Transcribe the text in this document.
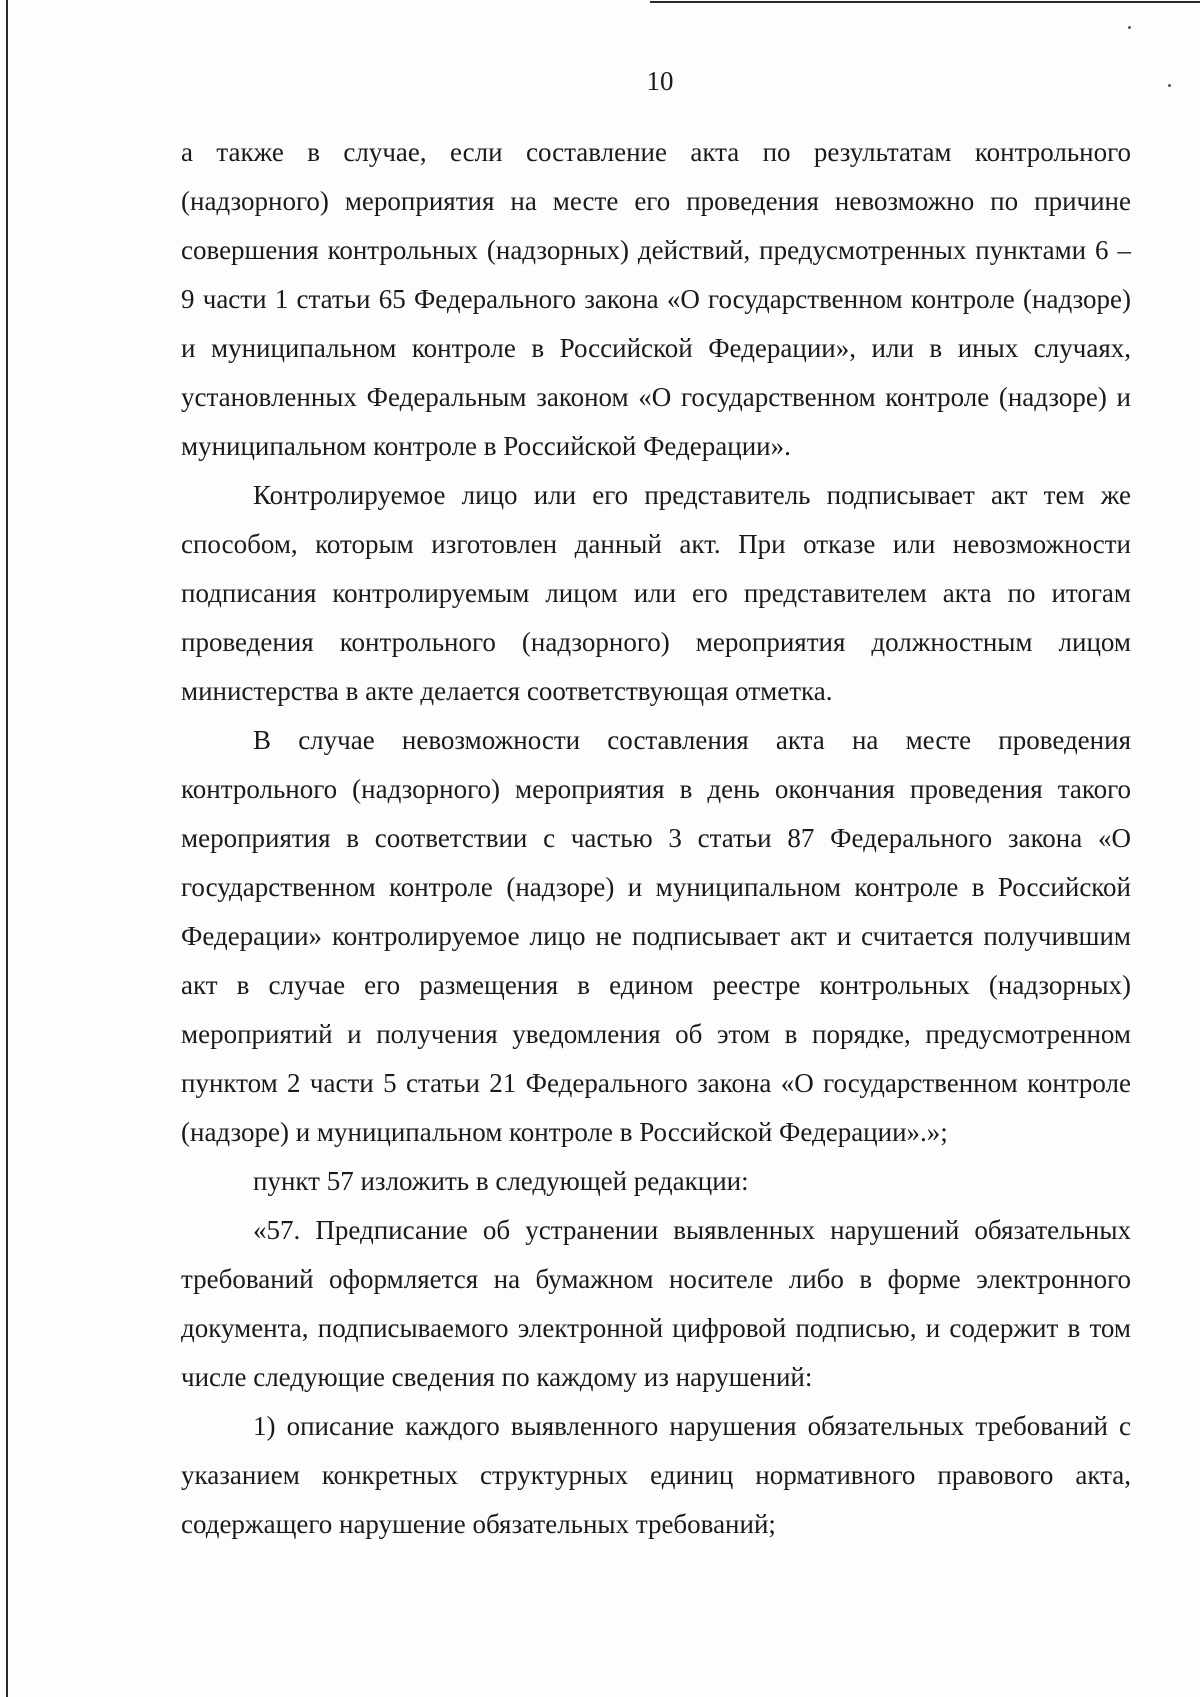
10

а также в случае, если составление акта по результатам контрольного (надзорного) мероприятия на месте его проведения невозможно по причине совершения контрольных (надзорных) действий, предусмотренных пунктами 6 – 9 части 1 статьи 65 Федерального закона «О государственном контроле (надзоре) и муниципальном контроле в Российской Федерации», или в иных случаях, установленных Федеральным законом «О государственном контроле (надзоре) и муниципальном контроле в Российской Федерации».

Контролируемое лицо или его представитель подписывает акт тем же способом, которым изготовлен данный акт. При отказе или невозможности подписания контролируемым лицом или его представителем акта по итогам проведения контрольного (надзорного) мероприятия должностным лицом министерства в акте делается соответствующая отметка.

В случае невозможности составления акта на месте проведения контрольного (надзорного) мероприятия в день окончания проведения такого мероприятия в соответствии с частью 3 статьи 87 Федерального закона «О государственном контроле (надзоре) и муниципальном контроле в Российской Федерации» контролируемое лицо не подписывает акт и считается получившим акт в случае его размещения в едином реестре контрольных (надзорных) мероприятий и получения уведомления об этом в порядке, предусмотренном пунктом 2 части 5 статьи 21 Федерального закона «О государственном контроле (надзоре) и муниципальном контроле в Российской Федерации».»;

пункт 57 изложить в следующей редакции:

«57. Предписание об устранении выявленных нарушений обязательных требований оформляется на бумажном носителе либо в форме электронного документа, подписываемого электронной цифровой подписью, и содержит в том числе следующие сведения по каждому из нарушений:

1) описание каждого выявленного нарушения обязательных требований с указанием конкретных структурных единиц нормативного правового акта, содержащего нарушение обязательных требований;
